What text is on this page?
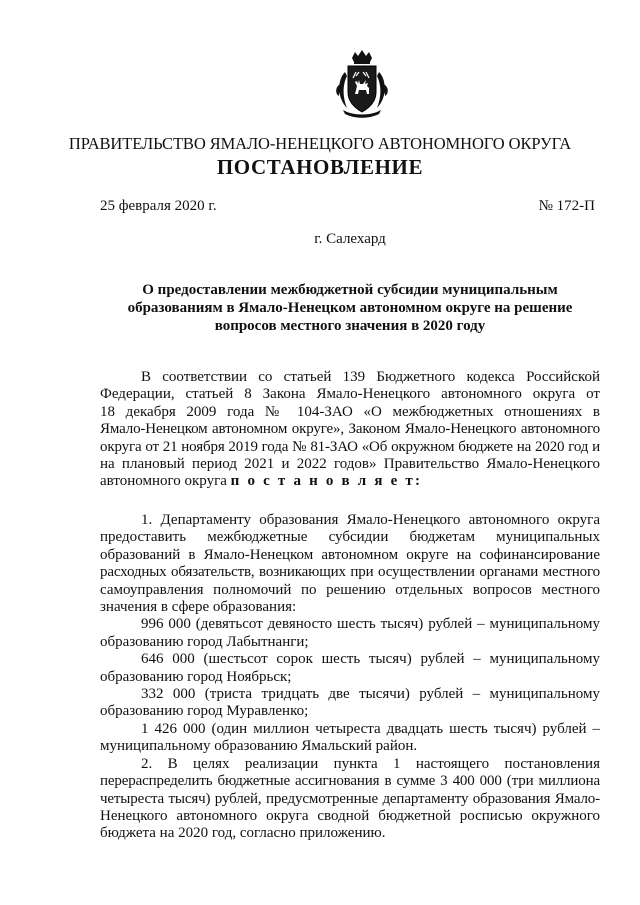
ПРАВИТЕЛЬСТВО ЯМАЛО-НЕНЕЦКОГО АВТОНОМНОГО ОКРУГА
ПОСТАНОВЛЕНИЕ
25 февраля 2020 г.	№ 172-П
г. Салехард
О предоставлении межбюджетной субсидии муниципальным
образованиям в Ямало-Ненецком автономном округе на решение
вопросов местного значения в 2020 году
В соответствии со статьей 139 Бюджетного кодекса Российской
Федерации, статьей 8 Закона Ямало-Ненецкого автономного округа от
18 декабря 2009 года № 104-ЗАО «О межбюджетных отношениях в
Ямало-Ненецком автономном округе», Законом Ямало-Ненецкого автономного
округа от 21 ноября 2019 года № 81-ЗАО «Об окружном бюджете на 2020 год и
на плановый период 2021 и 2022 годов» Правительство Ямало-Ненецкого
автономного округа п о с т а н о в л я е т:
1. Департаменту образования Ямало-Ненецкого автономного округа
предоставить межбюджетные субсидии бюджетам муниципальных
образований в Ямало-Ненецком автономном округе на софинансирование
расходных обязательств, возникающих при осуществлении органами местного
самоуправления полномочий по решению отдельных вопросов местного
значения в сфере образования:
996 000 (девятьсот девяносто шесть тысяч) рублей – муниципальному
образованию город Лабытнанги;
646 000 (шестьсот сорок шесть тысяч) рублей – муниципальному
образованию город Ноябрьск;
332 000 (триста тридцать две тысячи) рублей – муниципальному
образованию город Муравленко;
1 426 000 (один миллион четыреста двадцать шесть тысяч) рублей –
муниципальному образованию Ямальский район.
2. В целях реализации пункта 1 настоящего постановления
перераспределить бюджетные ассигнования в сумме 3 400 000 (три миллиона
четыреста тысяч) рублей, предусмотренные департаменту образования Ямало-
Ненецкого автономного округа сводной бюджетной росписью окружного
бюджета на 2020 год, согласно приложению.
